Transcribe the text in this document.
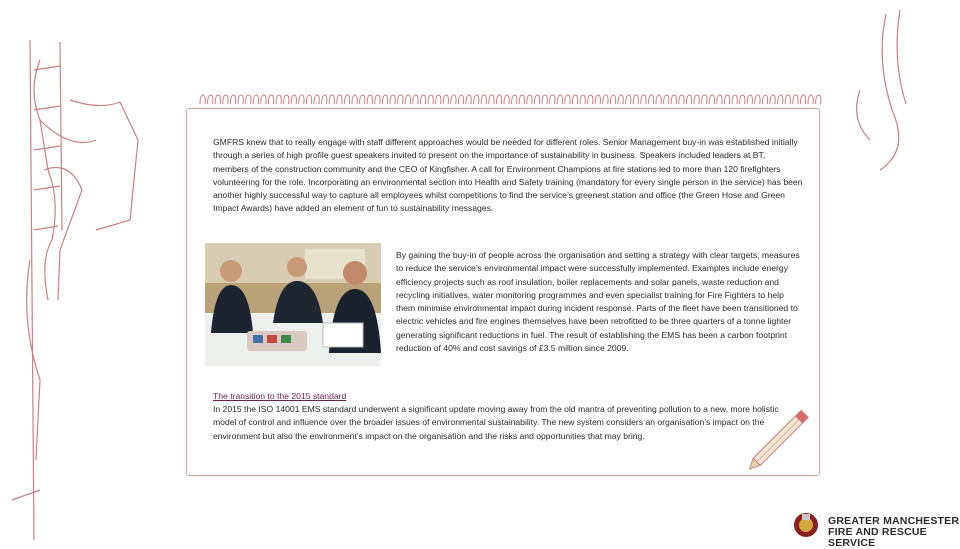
GMFRS knew that to really engage with staff different approaches would be needed for different roles. Senior Management buy-in was established initially through a series of high profile guest speakers invited to present on the importance of sustainability in business. Speakers included leaders at BT, members of the construction community and the CEO of Kingfisher. A call for Environment Champions at fire stations led to more than 120 firefighters volunteering for the role. Incorporating an environmental section into Health and Safety training (mandatory for every single person in the service) has been another highly successful way to capture all employees whilst competitions to find the service’s greenest station and office (the Green Hose and Green Impact Awards) have added an element of fun to sustainability messages.

By gaining the buy-in of people across the organisation and setting a strategy with clear targets, measures to reduce the service’s environmental impact were successfully implemented. Examples include energy efficiency projects such as roof insulation, boiler replacements and solar panels, waste reduction and recycling initiatives, water monitoring programmes and even specialist training for Fire Fighters to help them minimise environmental impact during incident response. Parts of the fleet have been transitioned to electric vehicles and fire engines themselves have been retrofitted to be three quarters of a tonne lighter generating significant reductions in fuel. The result of establishing the EMS has been a carbon footprint reduction of 40% and cost savings of £3.5 million since 2009.

The transition to the 2015 standard

In 2015 the ISO 14001 EMS standard underwent a significant update moving away from the old mantra of preventing pollution to a new, more holistic model of control and influence over the broader issues of environmental sustainability. The new system considers an organisation’s impact on the environment but also the environment’s impact on the organisation and the risks and opportunities that may bring.

GREATER MANCHESTER
FIRE AND RESCUE SERVICE
